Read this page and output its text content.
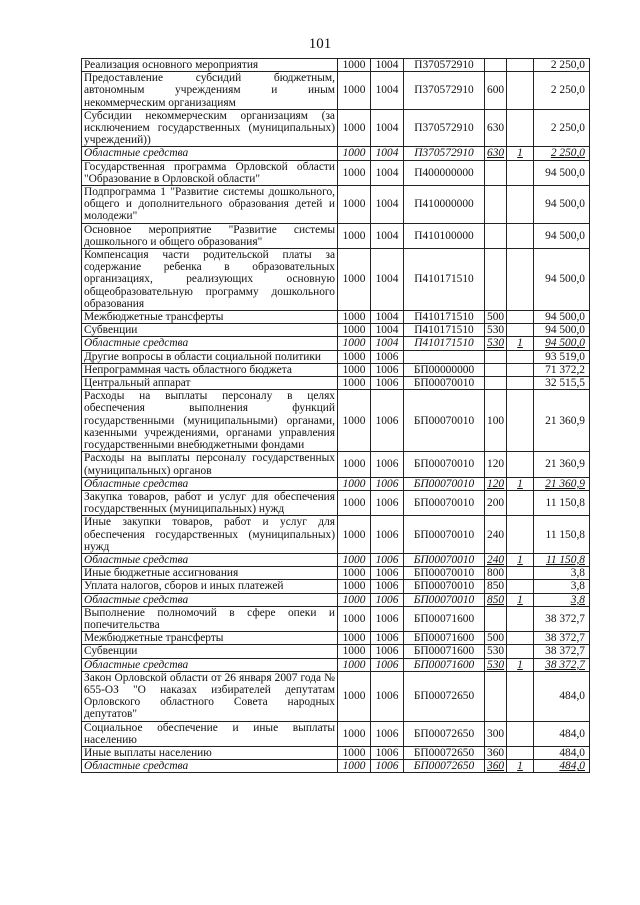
101
Реализация основного мероприятия	1000	1004	П370572910			2 250,0
Предоставление субсидий бюджетным, автономным учреждениям и иным некоммерческим организациям	1000	1004	П370572910	600		2 250,0
Субсидии некоммерческим организациям (за исключением государственных (муниципальных) учреждений))	1000	1004	П370572910	630		2 250,0
Областные средства	1000	1004	П370572910	630	1	2 250,0
Государственная программа Орловской области "Образование в Орловской области"	1000	1004	П400000000			94 500,0
Подпрограмма 1 "Развитие системы дошкольного, общего и дополнительного образования детей и молодежи"	1000	1004	П410000000			94 500,0
Основное мероприятие "Развитие системы дошкольного и общего образования"	1000	1004	П410100000			94 500,0
Компенсация части родительской платы за содержание ребенка в образовательных организациях, реализующих основную общеобразовательную программу дошкольного образования	1000	1004	П410171510			94 500,0
Межбюджетные трансферты	1000	1004	П410171510	500		94 500,0
Субвенции	1000	1004	П410171510	530		94 500,0
Областные средства	1000	1004	П410171510	530	1	94 500,0
Другие вопросы в области социальной политики	1000	1006				93 519,0
Непрограммная часть областного бюджета	1000	1006	БП00000000			71 372,2
Центральный аппарат	1000	1006	БП00070010			32 515,5
Расходы на выплаты персоналу в целях обеспечения выполнения функций государственными (муниципальными) органами, казенными учреждениями, органами управления государственными внебюджетными фондами	1000	1006	БП00070010	100		21 360,9
Расходы на выплаты персоналу государственных (муниципальных) органов	1000	1006	БП00070010	120		21 360,9
Областные средства	1000	1006	БП00070010	120	1	21 360,9
Закупка товаров, работ и услуг для обеспечения государственных (муниципальных) нужд	1000	1006	БП00070010	200		11 150,8
Иные закупки товаров, работ и услуг для обеспечения государственных (муниципальных) нужд	1000	1006	БП00070010	240		11 150,8
Областные средства	1000	1006	БП00070010	240	1	11 150,8
Иные бюджетные ассигнования	1000	1006	БП00070010	800		3,8
Уплата налогов, сборов и иных платежей	1000	1006	БП00070010	850		3,8
Областные средства	1000	1006	БП00070010	850	1	3,8
Выполнение полномочий в сфере опеки и попечительства	1000	1006	БП00071600			38 372,7
Межбюджетные трансферты	1000	1006	БП00071600	500		38 372,7
Субвенции	1000	1006	БП00071600	530		38 372,7
Областные средства	1000	1006	БП00071600	530	1	38 372,7
Закон Орловской области от 26 января 2007 года № 655-ОЗ "О наказах избирателей депутатам Орловского областного Совета народных депутатов"	1000	1006	БП00072650			484,0
Социальное обеспечение и иные выплаты населению	1000	1006	БП00072650	300		484,0
Иные выплаты населению	1000	1006	БП00072650	360		484,0
Областные средства	1000	1006	БП00072650	360	1	484,0
